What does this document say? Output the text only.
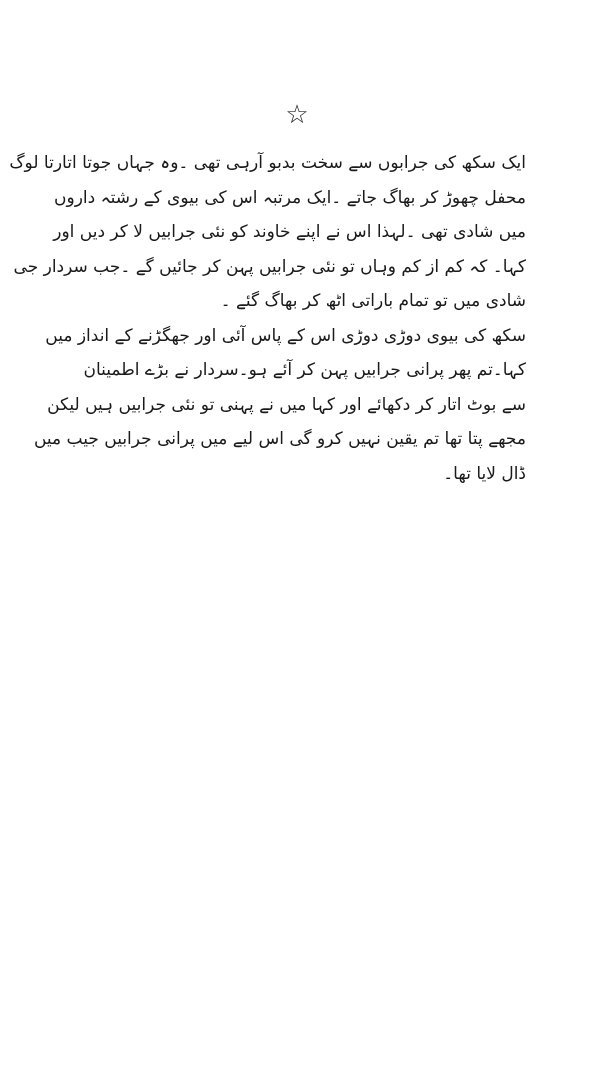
☆
ایک سکھ کی جرابوں سے سخت بدبو آرہی تھی ۔وہ جہاں جوتا اتارتا لوگ
محفل چھوڑ کر بھاگ جاتے ۔ایک مرتبہ اس کی بیوی کے رشتہ داروں
میں شادی تھی ۔لہذا اس نے اپنے خاوند کو نئی جرابیں لا کر دیں اور
کہا۔ کہ کم از کم وہاں تو نئی جرابیں پہن کر جائیں گے ۔جب سردار جی
شادی میں تو تمام باراتی اٹھ کر بھاگ گئے ۔
سکھ کی بیوی دوڑی دوڑی اس کے پاس آئی اور جھگڑنے کے انداز میں
کہا۔تم پھر پرانی جرابیں پہن کر آئے ہو۔سردار نے بڑے اطمینان
سے بوٹ اتار کر دکھائے اور کہا میں نے پہنی تو نئی جرابیں ہیں لیکن
مجھے پتا تھا تم یقین نہیں کرو گی اس لیے میں پرانی جرابیں جیب میں
ڈال لایا تھا۔
